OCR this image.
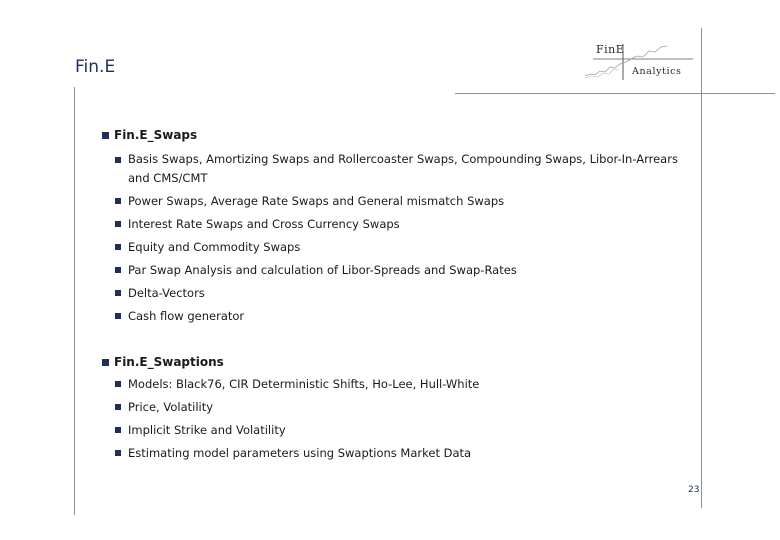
Fin.E
FinE
Analytics
Fin.E_Swaps
Basis Swaps, Amortizing Swaps and Rollercoaster Swaps, Compounding Swaps, Libor-In-Arrears
and CMS/CMT
Power Swaps, Average Rate Swaps and General mismatch Swaps
Interest Rate Swaps and Cross Currency Swaps
Equity and Commodity Swaps
Par Swap Analysis and calculation of Libor-Spreads and Swap-Rates
Delta-Vectors
Cash flow generator
Fin.E_Swaptions
Models: Black76, CIR Deterministic Shifts, Ho-Lee, Hull-White
Price, Volatility
Implicit Strike and Volatility
Estimating model parameters using Swaptions Market Data
23
